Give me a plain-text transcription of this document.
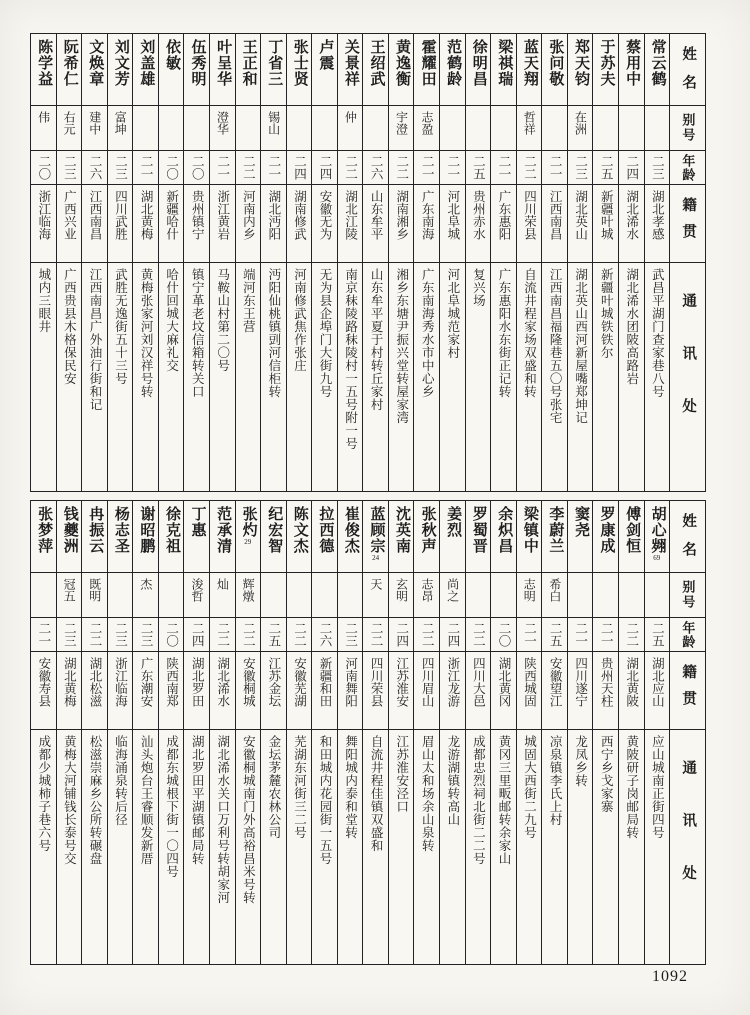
陈学益
伟
二〇
浙江临海
城内三眼井
阮希仁
右元
二三
广西兴业
广西贵县木格保民安
文焕章
建中
二六
江西南昌
江西南昌广外油行街和记
刘文芳
富坤
二三
四川武胜
武胜无逸街五十三号
刘盖雄
二一
湖北黄梅
黄梅张家河刘汉祥号转
依敏
二〇
新疆哈什
哈什回城大麻礼交
伍秀明
二〇
贵州镇宁
镇宁革老坟信箱转关口
叶呈华
澄华
二一
浙江黄岩
马鞍山村第二〇号
王正和
二二
河南内乡
端河东王营
丁省三
锡山
二一
湖北沔阳
沔阳仙桃镇剅河信柜转
张士贤
二四
湖南修武
河南修武焦作张庄
卢震
二四
安徽无为
无为县企埠门大街九号
关景祥
仲
二二
湖北江陵
南京秣陵路秣陵村一五号附一号
王绍武
二六
山东牟平
山东牟平夏于村转丘家村
黄逸衡
宇澄
二二
湖南湘乡
湘乡东塘尹振兴堂转屋家湾
霍耀田
志盈
二一
广东南海
广东南海秀水市中心乡
范鹤龄
二一
河北阜城
河北阜城范家村
徐明昌
二五
贵州赤水
复兴场
梁祺瑞
二一
广东惠阳
广东惠阳水东街正记转
蓝天翔
哲祥
二二
四川荣县
自流井程家场双盛和转
张问敬
二一
江西南昌
江西南昌福隆巷五〇号张宅
郑天钧
在洲
二三
湖北英山
湖北英山西河新屋嘴郑坤记
于苏夫
二五
新疆叶城
新疆叶城铁铁尔
蔡用中
二四
湖北浠水
湖北浠水团陂高路岩
常云鹤
二三
湖北孝感
武昌平湖门查家巷八号
姓名
别号
年龄
籍贯
通讯处
张梦萍
二一
安徽寿县
成都少城柿子巷六号
钱夔洲
冠五
二三
湖北黄梅
黄梅大河铺钱长泰号交
冉振云
既明
二二
湖北松滋
松滋崇麻乡公所转碾盘
杨志圣
二三
浙江临海
临海涌泉转后径
谢昭鹏
杰
二三
广东潮安
汕头炮台王睿顺发新厝
徐克祖
二〇
陕西南郑
成都东城根下街一〇四号
丁惠
浚哲
二四
湖北罗田
湖北罗田平湖镇邮局转
范承清
灿
二二
湖北浠水
湖北浠水关口万利号转胡家河
张灼
29
辉燉
二二
安徽桐城
安徽桐城南门外高裕昌米号转
纪宏智
二五
江苏金坛
金坛茅麓农林公司
陈文杰
二二
安徽芜湖
芜湖东河街三二号
拉西德
二六
新疆和田
和田城内花园街一五号
崔俊杰
二三
河南舞阳
舞阳城内泰和堂转
蓝顾宗
24
天
二二
四川荣县
自流井程佳镇双盛和
沈英南
玄明
二四
江苏淮安
江苏淮安泾口
张秋声
志昂
二二
四川眉山
眉山太和场余山泉转
姜烈
尚之
二四
浙江龙游
龙游湖镇转高山
罗蜀晋
二二
四川大邑
成都忠烈祠北街二二号
余炽昌
二〇
湖北黄冈
黄冈三里畈邮转余家山
梁镇中
志明
二一
陕西城固
城固大西街二九号
李蔚兰
希白
二五
安徽望江
凉泉镇李氏上村
窦尧
二一
四川遂宁
龙凤乡转
罗康成
二一
贵州天柱
西宁乡戈家寨
傅剑恒
二二
湖北黄陂
黄陂研子岗邮局转
胡心翙
69
二五
湖北应山
应山城南正街四号
姓名
别号
年龄
籍贯
通讯处
1092
